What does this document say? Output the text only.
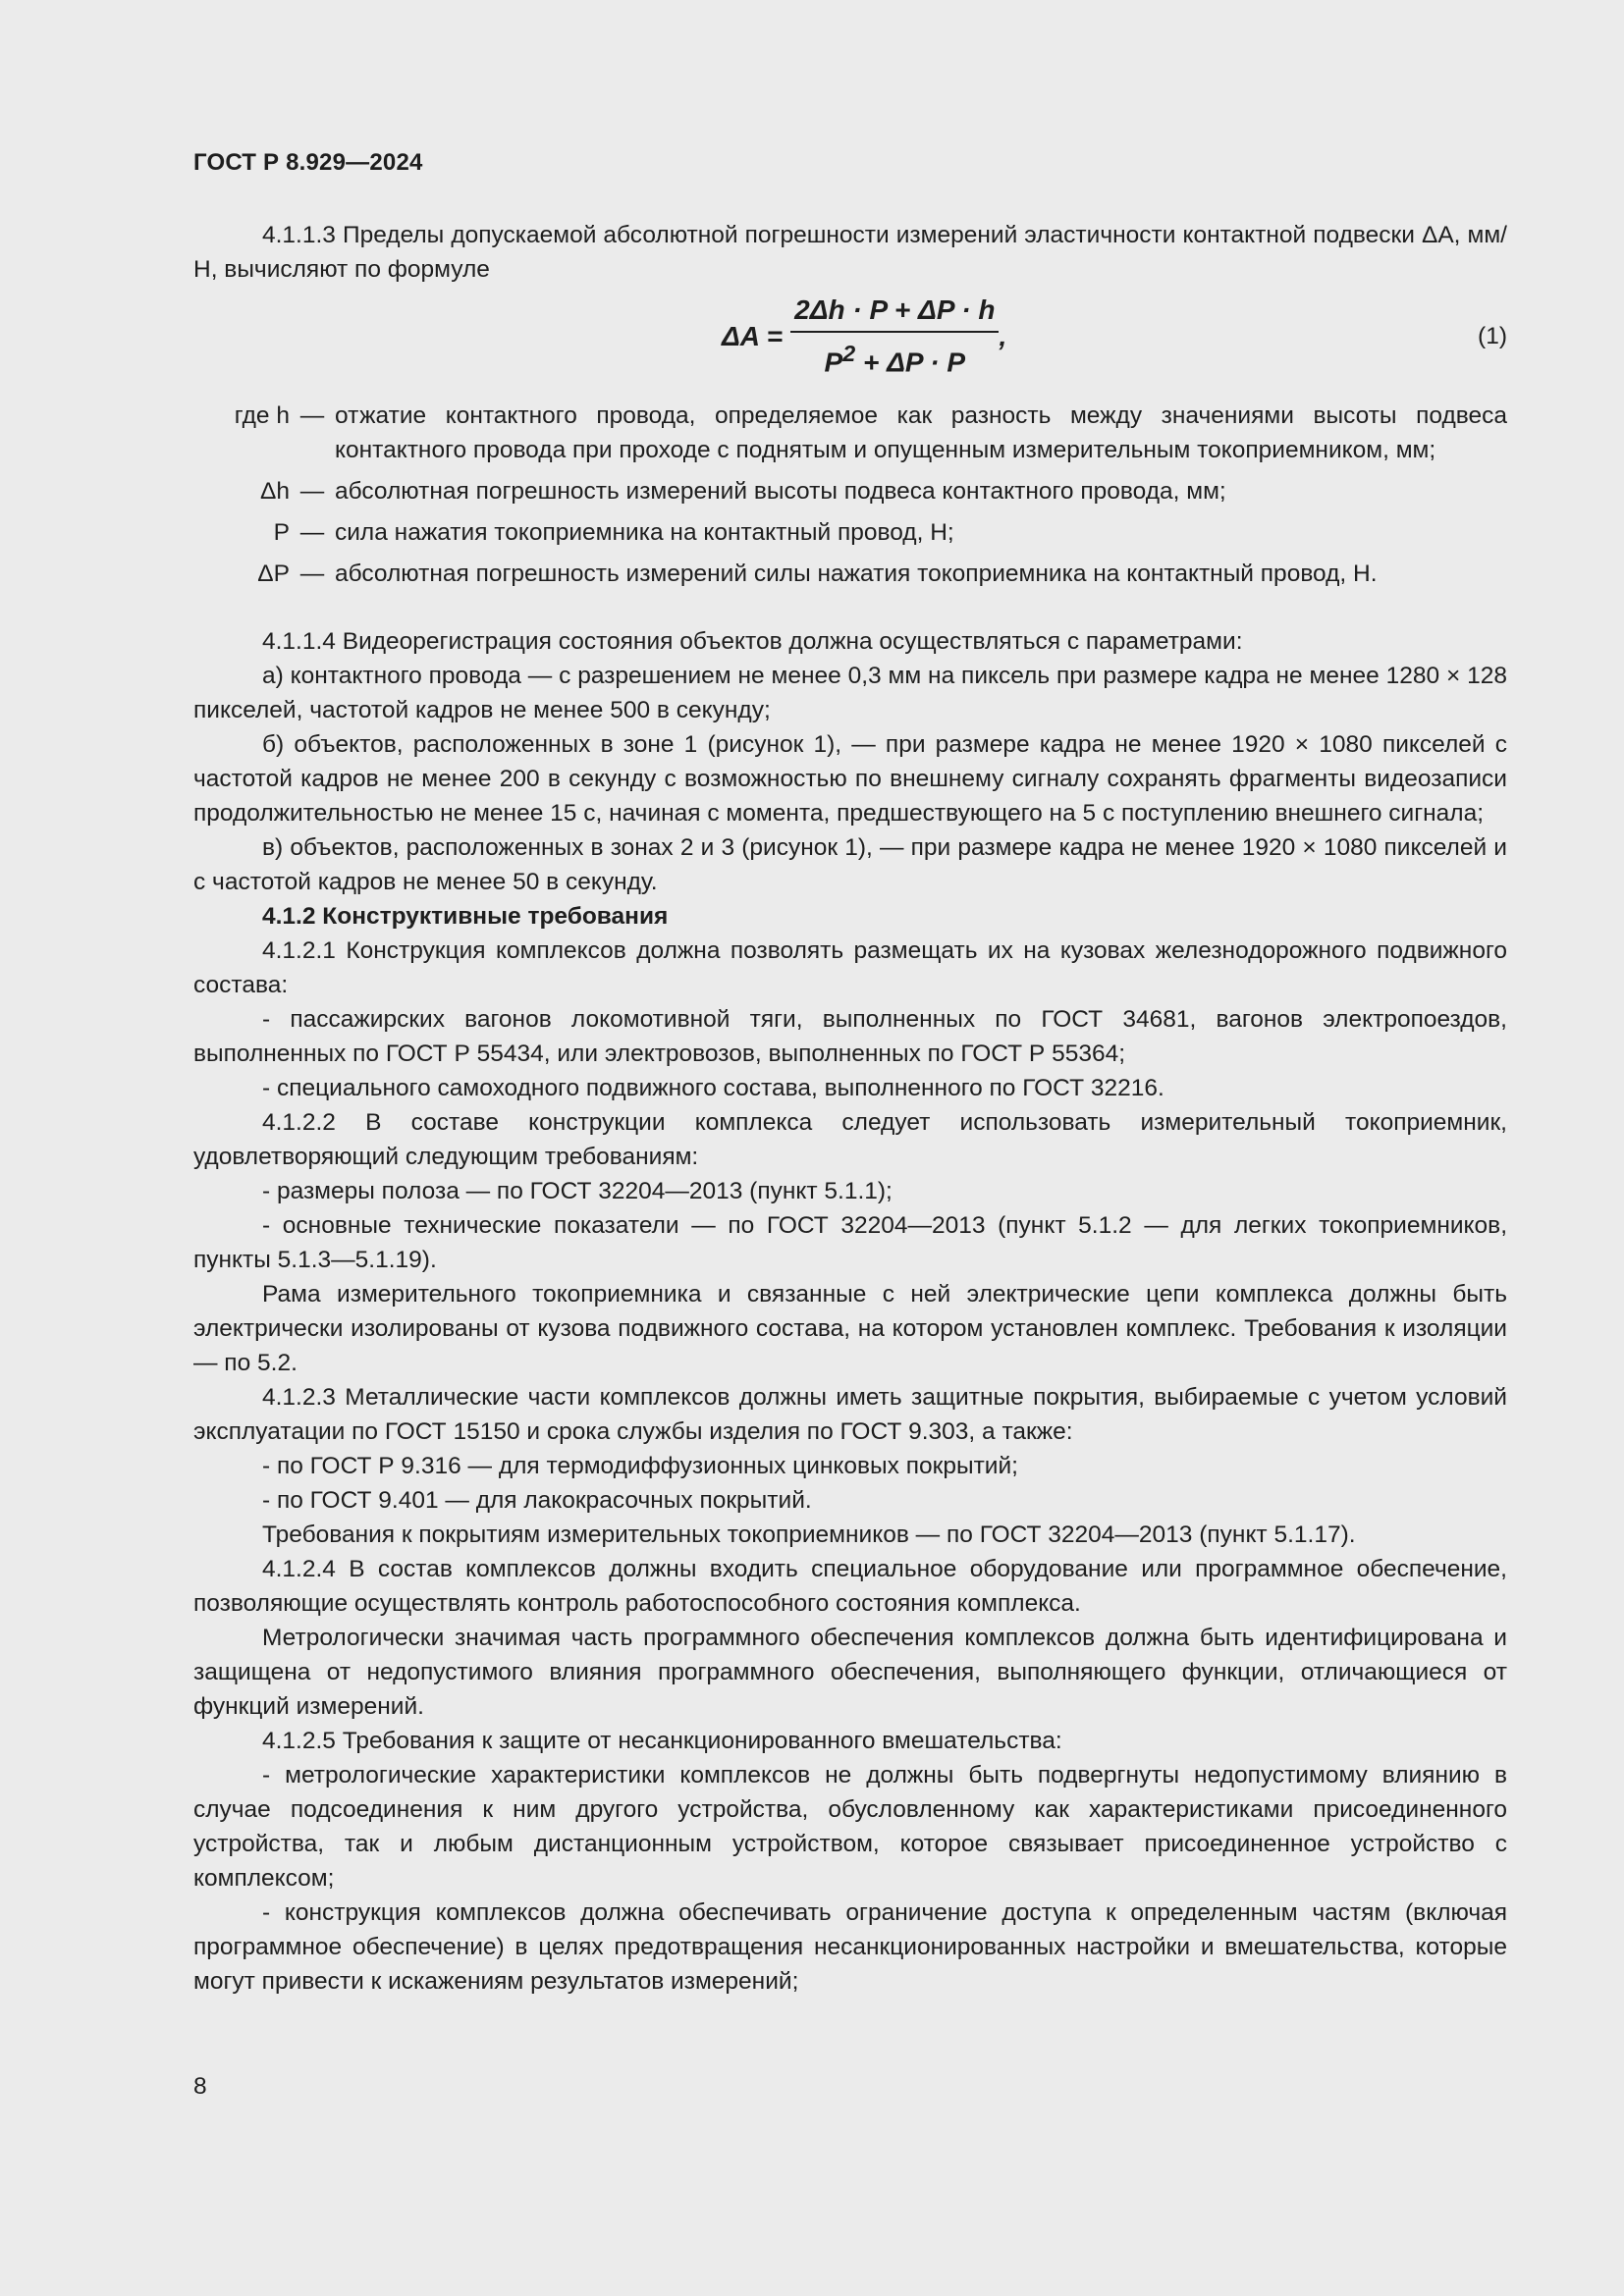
ГОСТ Р 8.929—2024

4.1.1.3 Пределы допускаемой абсолютной погрешности измерений эластичности контактной подвески ΔA, мм/Н, вычисляют по формуле

$\Delta A = \frac{2\Delta h \cdot P + \Delta P \cdot h}{P^2 + \Delta P \cdot P}$ ,	(1)
где h — отжатие контактного провода, определяемое как разность между значениями высоты подвеса контактного провода при проходе с поднятым и опущенным измерительным токоприемником, мм;
Δh — абсолютная погрешность измерений высоты подвеса контактного провода, мм;
P — сила нажатия токоприемника на контактный провод, Н;
ΔP — абсолютная погрешность измерений силы нажатия токоприемника на контактный провод, Н.

4.1.1.4 Видеорегистрация состояния объектов должна осуществляться с параметрами:

а) контактного провода — с разрешением не менее 0,3 мм на пиксель при размере кадра не менее 1280 × 128 пикселей, частотой кадров не менее 500 в секунду;

б) объектов, расположенных в зоне 1 (рисунок 1), — при размере кадра не менее 1920 × 1080 пикселей с частотой кадров не менее 200 в секунду с возможностью по внешнему сигналу сохранять фрагменты видеозаписи продолжительностью не менее 15 с, начиная с момента, предшествующего на 5 с поступлению внешнего сигнала;

в) объектов, расположенных в зонах 2 и 3 (рисунок 1), — при размере кадра не менее 1920 × 1080 пикселей и с частотой кадров не менее 50 в секунду.

4.1.2 Конструктивные требования

4.1.2.1 Конструкция комплексов должна позволять размещать их на кузовах железнодорожного подвижного состава:

- пассажирских вагонов локомотивной тяги, выполненных по ГОСТ 34681, вагонов электропоездов, выполненных по ГОСТ Р 55434, или электровозов, выполненных по ГОСТ Р 55364;

- специального самоходного подвижного состава, выполненного по ГОСТ 32216.

4.1.2.2 В составе конструкции комплекса следует использовать измерительный токоприемник, удовлетворяющий следующим требованиям:

- размеры полоза — по ГОСТ 32204—2013 (пункт 5.1.1);

- основные технические показатели — по ГОСТ 32204—2013 (пункт 5.1.2 — для легких токоприемников, пункты 5.1.3—5.1.19).

Рама измерительного токоприемника и связанные с ней электрические цепи комплекса должны быть электрически изолированы от кузова подвижного состава, на котором установлен комплекс. Требования к изоляции — по 5.2.

4.1.2.3 Металлические части комплексов должны иметь защитные покрытия, выбираемые с учетом условий эксплуатации по ГОСТ 15150 и срока службы изделия по ГОСТ 9.303, а также:

- по ГОСТ Р 9.316 — для термодиффузионных цинковых покрытий;

- по ГОСТ 9.401 — для лакокрасочных покрытий.

Требования к покрытиям измерительных токоприемников — по ГОСТ 32204—2013 (пункт 5.1.17).

4.1.2.4 В состав комплексов должны входить специальное оборудование или программное обеспечение, позволяющие осуществлять контроль работоспособного состояния комплекса.

Метрологически значимая часть программного обеспечения комплексов должна быть идентифицирована и защищена от недопустимого влияния программного обеспечения, выполняющего функции, отличающиеся от функций измерений.

4.1.2.5 Требования к защите от несанкционированного вмешательства:

- метрологические характеристики комплексов не должны быть подвергнуты недопустимому влиянию в случае подсоединения к ним другого устройства, обусловленному как характеристиками присоединенного устройства, так и любым дистанционным устройством, которое связывает присоединенное устройство с комплексом;

- конструкция комплексов должна обеспечивать ограничение доступа к определенным частям (включая программное обеспечение) в целях предотвращения несанкционированных настройки и вмешательства, которые могут привести к искажениям результатов измерений;

8
